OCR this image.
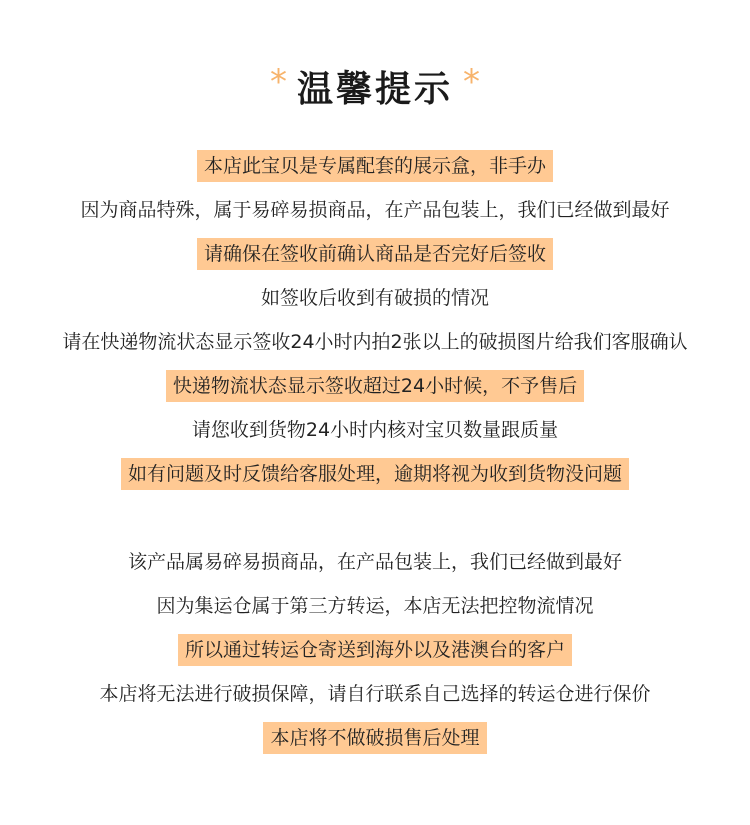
* 温馨提示 *
本店此宝贝是专属配套的展示盒，非手办
因为商品特殊，属于易碎易损商品，在产品包装上，我们已经做到最好
请确保在签收前确认商品是否完好后签收
如签收后收到有破损的情况
请在快递物流状态显示签收24小时内拍2张以上的破损图片给我们客服确认
快递物流状态显示签收超过24小时候，不予售后
请您收到货物24小时内核对宝贝数量跟质量
如有问题及时反馈给客服处理，逾期将视为收到货物没问题
该产品属易碎易损商品，在产品包装上，我们已经做到最好
因为集运仓属于第三方转运，本店无法把控物流情况
所以通过转运仓寄送到海外以及港澳台的客户
本店将无法进行破损保障，请自行联系自己选择的转运仓进行保价
本店将不做破损售后处理
